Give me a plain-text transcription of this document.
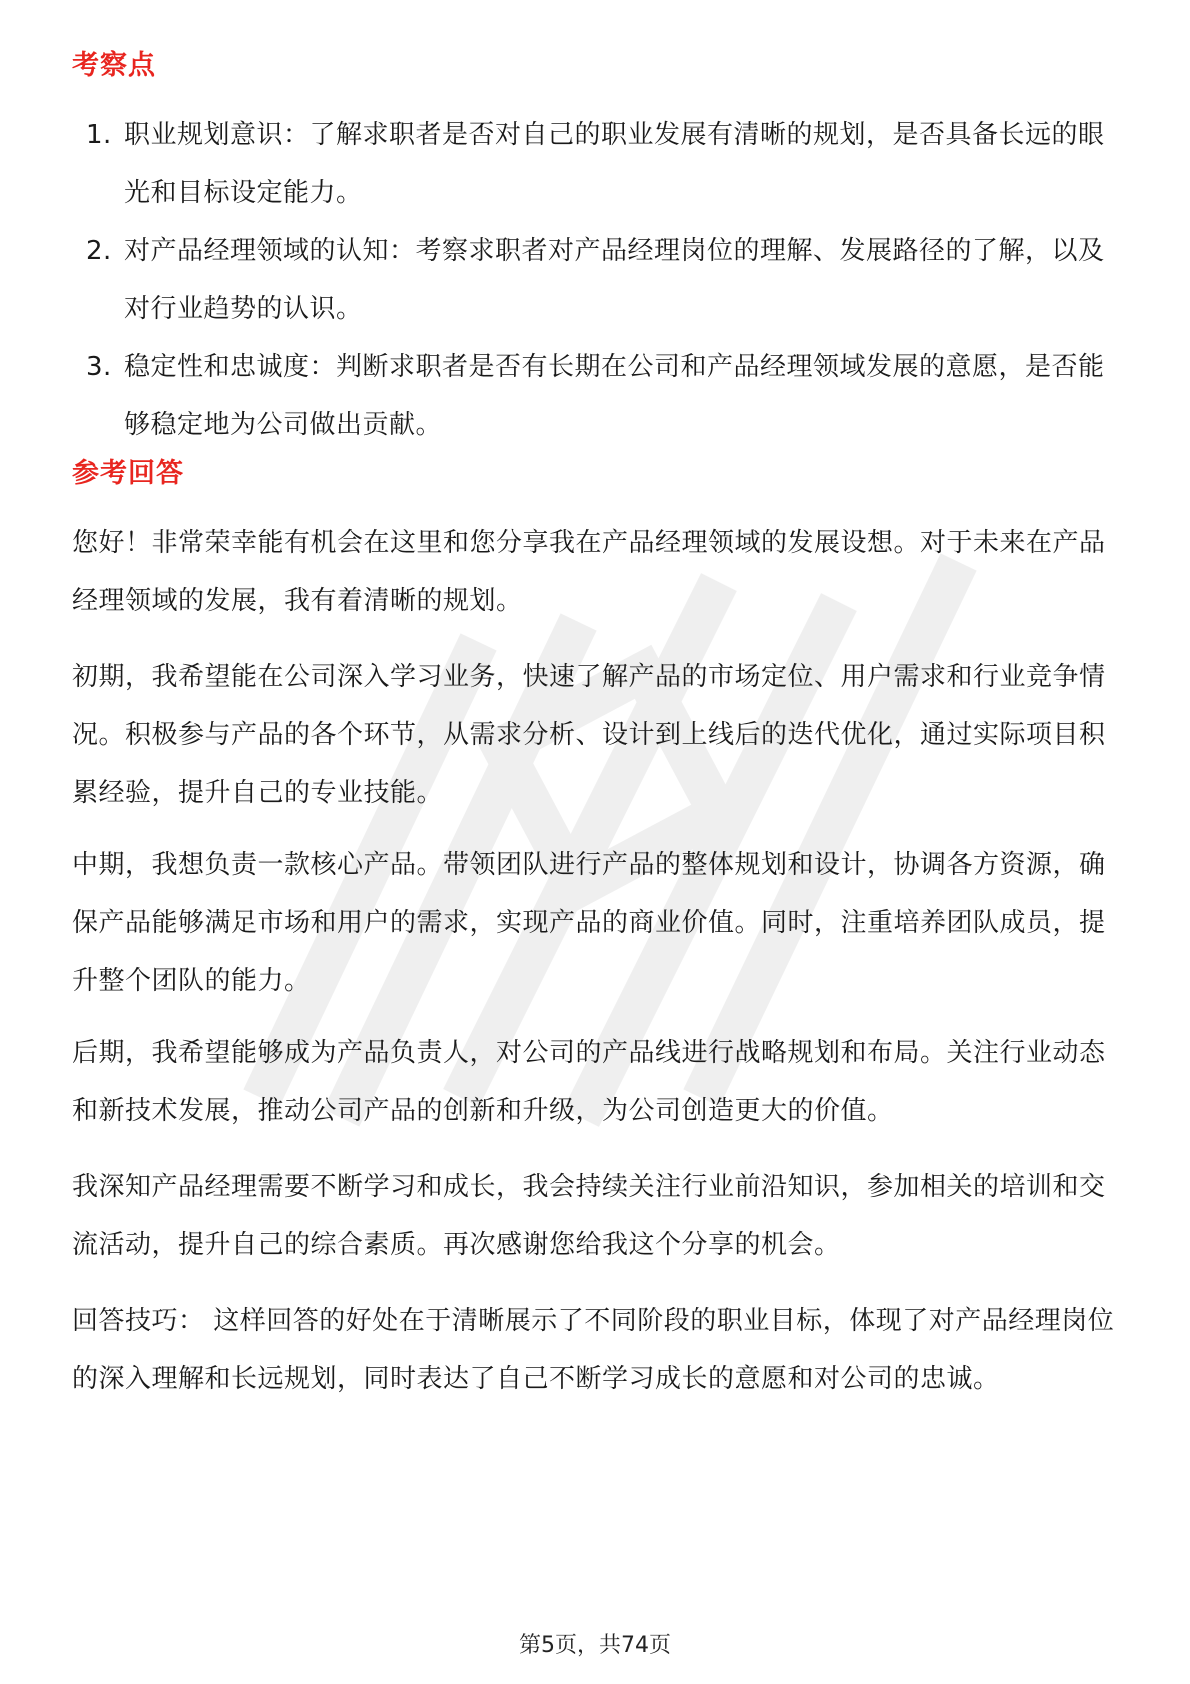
考察点
1. 职业规划意识：了解求职者是否对自己的职业发展有清晰的规划，是否具备长远的眼光和目标设定能力。
2. 对产品经理领域的认知：考察求职者对产品经理岗位的理解、发展路径的了解，以及对行业趋势的认识。
3. 稳定性和忠诚度：判断求职者是否有长期在公司和产品经理领域发展的意愿，是否能够稳定地为公司做出贡献。
参考回答

您好！非常荣幸能有机会在这里和您分享我在产品经理领域的发展设想。对于未来在产品经理领域的发展，我有着清晰的规划。

初期，我希望能在公司深入学习业务，快速了解产品的市场定位、用户需求和行业竞争情况。积极参与产品的各个环节，从需求分析、设计到上线后的迭代优化，通过实际项目积累经验，提升自己的专业技能。

中期，我想负责一款核心产品。带领团队进行产品的整体规划和设计，协调各方资源，确保产品能够满足市场和用户的需求，实现产品的商业价值。同时，注重培养团队成员，提升整个团队的能力。

后期，我希望能够成为产品负责人，对公司的产品线进行战略规划和布局。关注行业动态和新技术发展，推动公司产品的创新和升级，为公司创造更大的价值。

我深知产品经理需要不断学习和成长，我会持续关注行业前沿知识，参加相关的培训和交流活动，提升自己的综合素质。再次感谢您给我这个分享的机会。

回答技巧： 这样回答的好处在于清晰展示了不同阶段的职业目标，体现了对产品经理岗位的深入理解和长远规划，同时表达了自己不断学习成长的意愿和对公司的忠诚。

第5页，共74页
